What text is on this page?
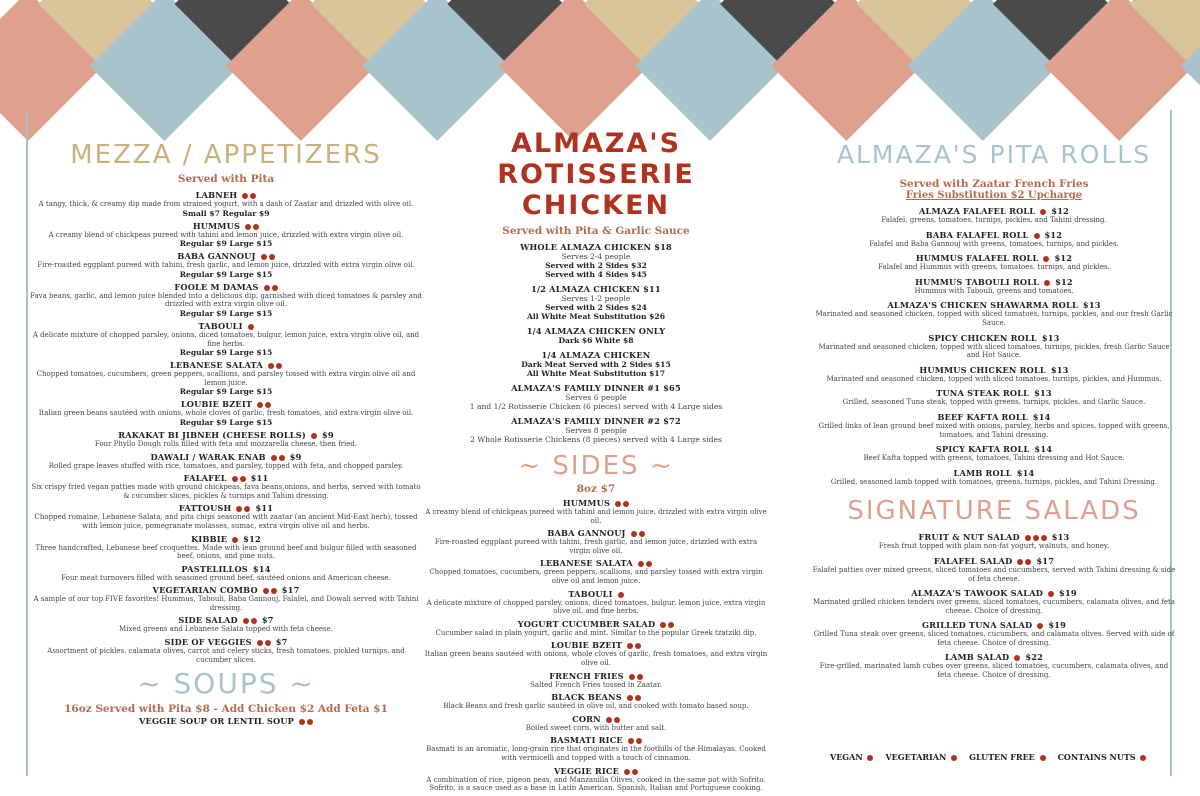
MEZZA / APPETIZERS
Served with Pita
LABNEH
A tangy, thick, & creamy dip made from strained yogurt, with a dash of Zaatar and drizzled with olive oil.
Small $7 Regular $9
HUMMUS
A creamy blend of chickpeas pureed with tahini and lemon juice, drizzled with extra virgin olive oil.
Regular $9 Large $15
BABA GANNOUJ
Fire-roasted eggplant pureed with tahini, fresh garlic, and lemon juice, drizzled with extra virgin olive oil.
Regular $9 Large $15
FOOLE M DAMAS
Fava beans, garlic, and lemon juice blended into a delicious dip, garnished with diced tomatoes & parsley and drizzled with extra virgin olive oil.
Regular $9 Large $15
TABOULI
A delicate mixture of chopped parsley, onions, diced tomatoes, bulgur, lemon juice, extra virgin olive oil, and fine herbs.
Regular $9 Large $15
LEBANESE SALATA
Chopped tomatoes, cucumbers, green peppers, scallions, and parsley tossed with extra virgin olive oil and lemon juice.
Regular $9 Large $15
LOUBIE BZEIT
Italian green beans sautéed with onions, whole cloves of garlic, fresh tomatoes, and extra virgin olive oil.
Regular $9 Large $15
RAKAKAT BI JIBNEH (CHEESE ROLLS) $9
Four Phyllo Dough rolls filled with feta and mozzarella cheese, then fried.
DAWALI / WARAK ENAB	$9
Rolled grape leaves stuffed with rice, tomatoes, and parsley, topped with feta, and chopped parsley.
FALAFEL	$11
Six crispy fried vegan patties made with ground chickpeas, fava beans,onions, and herbs, served with tomato & cucumber slices, pickles & turnips and Tahini dressing.
FATTOUSH	$11
Chopped romaine, Lebanese Salata, and pita chips seasoned with zaatar (an ancient Mid-East herb), tossed with lemon juice, pomegranate molasses, sumac, extra virgin olive oil and herbs.
KIBBIE $12
Three handcrafted, Lebanese beef croquettes. Made with lean ground beef and bulgur filled with seasoned beef, onions, and pine nuts.
PASTELILLOS $14
Four meat turnovers filled with seasoned ground beef, sautéed onions and American cheese.
VEGETARIAN COMBO	$17
A sample of our top FIVE favorites! Hummus, Tabouli, Baba Gannouj, Falafel, and Dowali served with Tahini dressing.
SIDE SALAD	$7
Mixed greens and Lebanese Salata topped with feta cheese.
SIDE OF VEGGIES	$7
Assortment of pickles, calamata olives, carrot and celery sticks, fresh tomatoes, pickled turnips, and cucumber slices.
~ SOUPS ~
16oz Served with Pita $8 - Add Chicken $2 Add Feta $1
VEGGIE SOUP OR LENTIL SOUP
ALMAZA'S
ROTISSERIE CHICKEN
Served with Pita & Garlic Sauce
WHOLE ALMAZA CHICKEN $18
Serves 2-4 people
Served with 2 Sides $32
Served with 4 Sides $45
1/2 ALMAZA CHICKEN $11
Serves 1-2 people
Served with 2 Sides $24
All White Meat Substitution $26
1/4 ALMAZA CHICKEN ONLY
Dark $6 White $8
1/4 ALMAZA CHICKEN
Dark Meat Served with 2 Sides $15
All White Meat Substitution $17
ALMAZA'S FAMILY DINNER #1 $65
Serves 6 people
1 and 1/2 Rotisserie Chicken (6 pieces) served with 4 Large sides
ALMAZA'S FAMILY DINNER #2 $72
Serves 8 people
2 Whole Rotisserie Chickens (8 pieces) served with 4 Large sides
~ SIDES ~
8oz $7
HUMMUS
A creamy blend of chickpeas pureed with tahini and lemon juice, drizzled with extra virgin olive oil.
BABA GANNOUJ
Fire-roasted eggplant pureed with tahini, fresh garlic, and lemon juice, drizzled with extra virgin olive oil.
LEBANESE SALATA
Chopped tomatoes, cucumbers, green peppers, scallions, and parsley tossed with extra virgin olive oil and lemon juice.
TABOULI
A delicate mixture of chopped parsley, onions, diced tomatoes, bulgur, lemon juice, extra virgin olive oil, and fine herbs.
YOGURT CUCUMBER SALAD
Cucumber salad in plain yogurt, garlic and mint. Similar to the popular Greek tzatziki dip.
LOUBIE BZEIT
Italian green beans sautéed with onions, whole cloves of garlic, fresh tomatoes, and extra virgin olive oil.
FRENCH FRIES
Salted French Fries tossed in Zaatar.
BLACK BEANS
Black Beans and fresh garlic sautéed in olive oil, and cooked with tomato based soup.
CORN
Boiled sweet corn, with butter and salt.
BASMATI RICE
Basmati is an aromatic, long-grain rice that originates in the foothills of the Himalayas. Cooked with vermicelli and topped with a touch of cinnamon.
VEGGIE RICE
A combination of rice, pigeon peas, and Manzanilla Olives, cooked in the same pot with Sofrito. Sofrito, is a sauce used as a base in Latin American, Spanish, Italian and Portuguese cooking.
ALMAZA'S PITA ROLLS
Served with Zaatar French Fries
Fries Substitution $2 Upcharge
ALMAZA FALAFEL ROLL $12
Falafel, greens, tomatoes, turnips, pickles, and Tahini dressing.
BABA FALAFEL ROLL $12
Falafel and Baba Gannouj with greens, tomatoes, turnips, and pickles.
HUMMUS FALAFEL ROLL $12
Falafel and Hummus with greens, tomatoes, turnips, and pickles.
HUMMUS TABOULI ROLL $12
Hummus with Tabouli, greens and tomatoes.
ALMAZA'S CHICKEN SHAWARMA ROLL $13
Marinated and seasoned chicken, topped with sliced tomatoes, turnips, pickles, and our fresh Garlic Sauce.
SPICY CHICKEN ROLL $13
Marinated and seasoned chicken, topped with sliced tomatoes, turnips, pickles, fresh Garlic Sauce and Hot Sauce.
HUMMUS CHICKEN ROLL $13
Marinated and seasoned chicken, topped with sliced tomatoes, turnips, pickles, and Hummus.
TUNA STEAK ROLL $13
Grilled, seasoned Tuna steak, topped with greens, turnips, pickles, and Garlic Sauce.
BEEF KAFTA ROLL $14
Grilled links of lean ground beef mixed with onions, parsley, herbs and spices, topped with greens, tomatoes, and Tahini dressing.
SPICY KAFTA ROLL $14
Beef Kafta topped with greens, tomatoes, Tahini dressing and Hot Sauce.
LAMB ROLL $14
Grilled, seasoned lamb topped with tomatoes, greens, turnips, pickles, and Tahini Dressing.
SIGNATURE SALADS
FRUIT & NUT SALAD	$13
Fresh fruit topped with plain non-fat yogurt, walnuts, and honey.
FALAFEL SALAD	$17
Falafel patties over mixed greens, sliced tomatoes and cucumbers, served with Tahini dressing & side of feta cheese.
ALMAZA'S TAWOOK SALAD $19
Marinated grilled chicken tenders over greens, sliced tomatoes, cucumbers, calamata olives, and feta cheese. Choice of dressing.
GRILLED TUNA SALAD $19
Grilled Tuna steak over greens, sliced tomatoes, cucumbers, and calamata olives. Served with side of feta cheese. Choice of dressing.
LAMB SALAD $22
Fire-grilled, marinated lamb cubes over greens, sliced tomatoes, cucumbers, calamata olives, and feta cheese. Choice of dressing.
VEGAN	VEGETARIAN	GLUTEN FREE	CONTAINS NUTS
